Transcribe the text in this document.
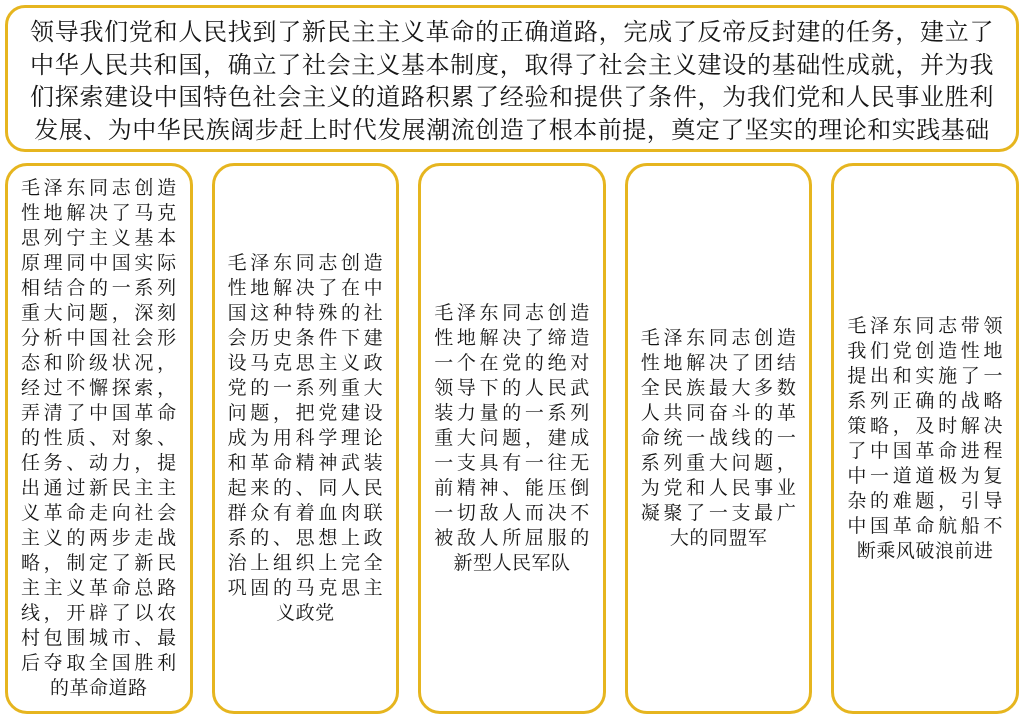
领导我们党和人民找到了新民主主义革命的正确道路，完成了反帝反封建的任务，建立了中华人民共和国，确立了社会主义基本制度，取得了社会主义建设的基础性成就，并为我们探索建设中国特色社会主义的道路积累了经验和提供了条件，为我们党和人民事业胜利发展、为中华民族阔步赶上时代发展潮流创造了根本前提，奠定了坚实的理论和实践基础
毛泽东同志创造性地解决了马克思列宁主义基本原理同中国实际相结合的一系列重大问题，深刻分析中国社会形态和阶级状况，经过不懈探索，弄清了中国革命的性质、对象、任务、动力，提出通过新民主主义革命走向社会主义的两步走战略，制定了新民主主义革命总路线，开辟了以农村包围城市、最后夺取全国胜利的革命道路
毛泽东同志创造性地解决了在中国这种特殊的社会历史条件下建设马克思主义政党的一系列重大问题，把党建设成为用科学理论和革命精神武装起来的、同人民群众有着血肉联系的、思想上政治上组织上完全巩固的马克思主义政党
毛泽东同志创造性地解决了缔造一个在党的绝对领导下的人民武装力量的一系列重大问题，建成一支具有一往无前精神、能压倒一切敌人而决不被敌人所屈服的新型人民军队
毛泽东同志创造性地解决了团结全民族最大多数人共同奋斗的革命统一战线的一系列重大问题，为党和人民事业凝聚了一支最广大的同盟军
毛泽东同志带领我们党创造性地提出和实施了一系列正确的战略策略，及时解决了中国革命进程中一道道极为复杂的难题，引导中国革命航船不断乘风破浪前进
